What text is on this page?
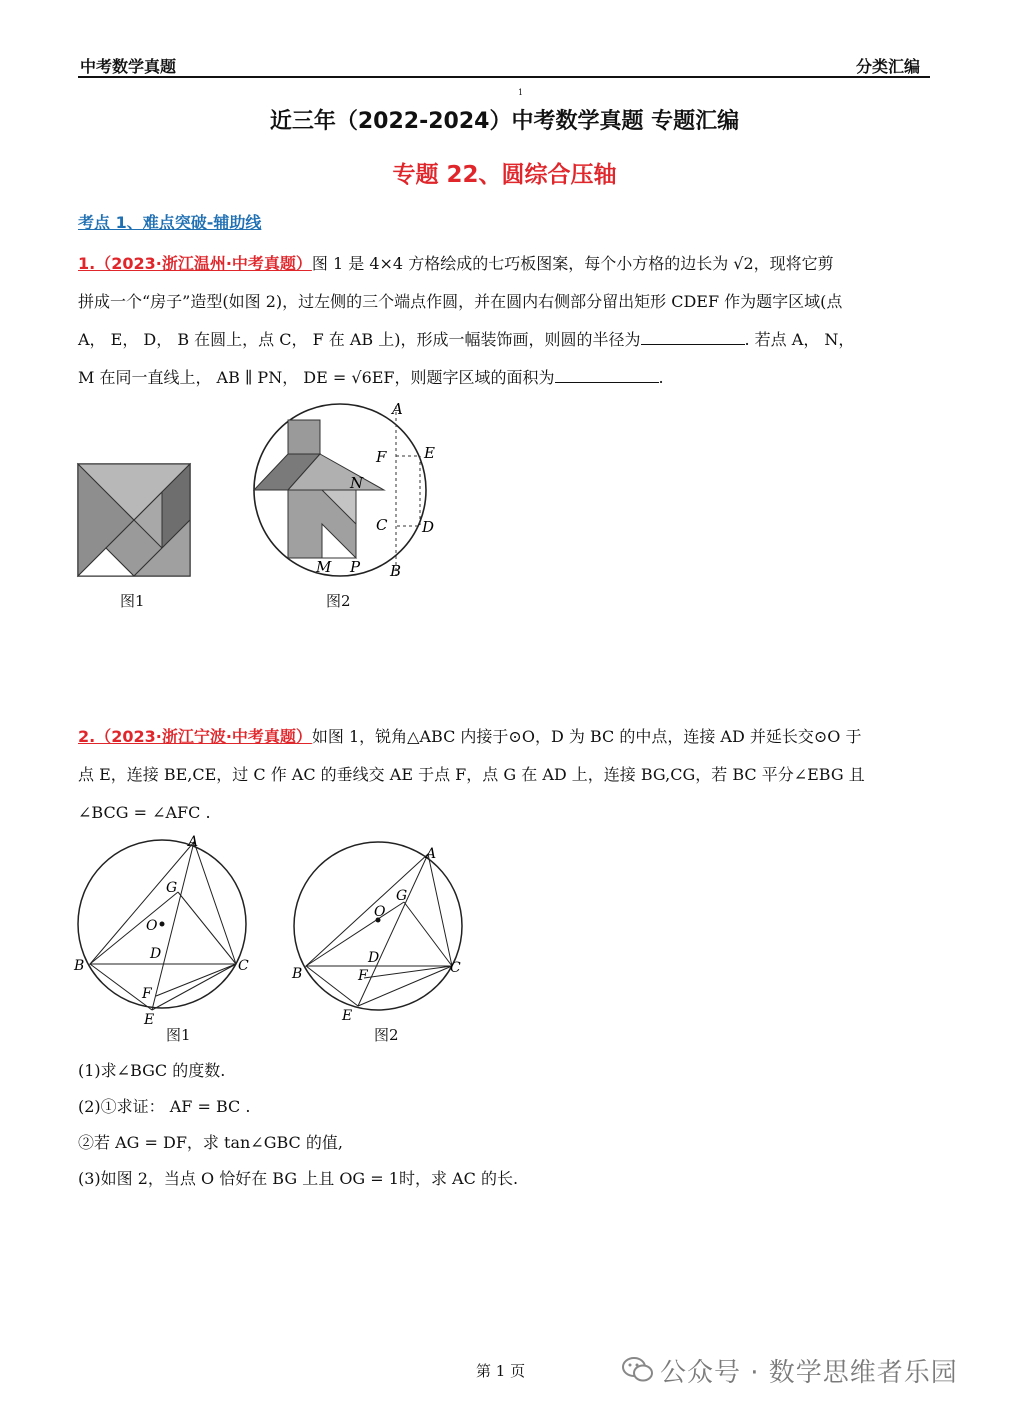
中考数学真题	分类汇编
1
近三年（2022-2024）中考数学真题 专题汇编
专题 22、圆综合压轴
考点 1、难点突破-辅助线
1.（2023·浙江温州·中考真题）图 1 是 4×4 方格绘成的七巧板图案，每个小方格的边长为 √2，现将它剪
拼成一个“房子”造型(如图 2)，过左侧的三个端点作圆，并在圆内右侧部分留出矩形 CDEF 作为题字区域(点
A， E， D， B 在圆上，点 C， F 在 AB 上)，形成一幅装饰画，则圆的半径为	. 若点 A， N，
M 在同一直线上， AB ∥ PN， DE = √6EF，则题字区域的面积为	.
图1
A
E
F
N
C D
M P B
图2
2.（2023·浙江宁波·中考真题）如图 1，锐角△ABC 内接于⊙O，D 为 BC 的中点，连接 AD 并延长交⊙O 于
点 E，连接 BE,CE，过 C 作 AC 的垂线交 AE 于点 F，点 G 在 AD 上，连接 BG,CG，若 BC 平分∠EBG 且
∠BCG = ∠AFC .
A
B	C
D
E
F
G
O
图1
A
B	C
D
E
F
G
O
图2
(1)求∠BGC 的度数.
(2)①求证： AF = BC .
②若 AG = DF，求 tan∠GBC 的值,
(3)如图 2，当点 O 恰好在 BG 上且 OG = 1时，求 AC 的长.
第 1 页	公众号 · 数学思维者乐园
